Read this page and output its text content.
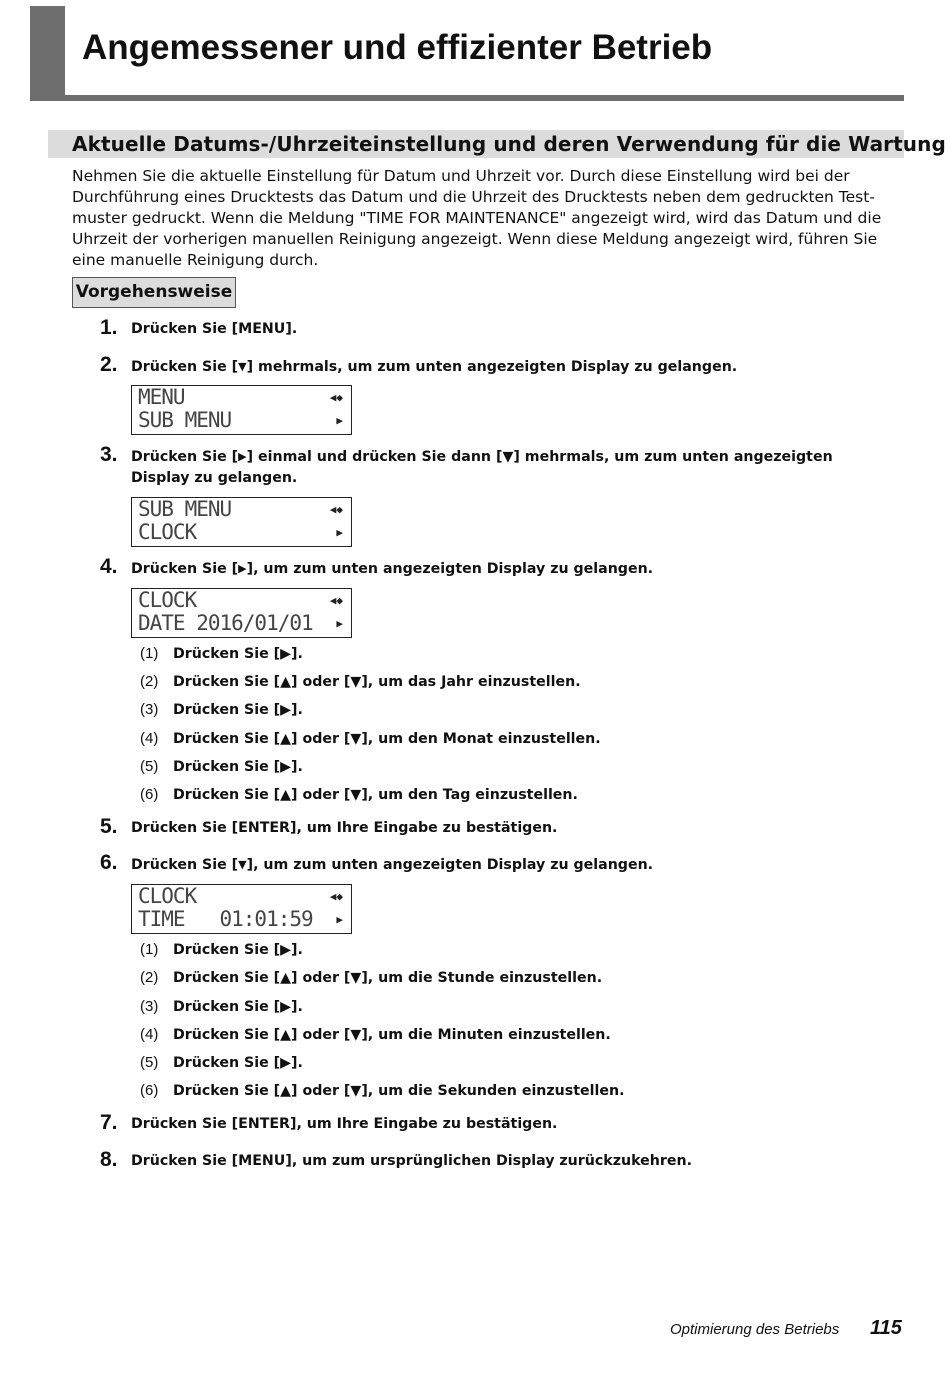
Angemessener und effizienter Betrieb
Aktuelle Datums-/Uhrzeiteinstellung und deren Verwendung für die Wartung
Nehmen Sie die aktuelle Einstellung für Datum und Uhrzeit vor. Durch diese Einstellung wird bei der
Durchführung eines Drucktests das Datum und die Uhrzeit des Drucktests neben dem gedruckten Test-
muster gedruckt. Wenn die Meldung "TIME FOR MAINTENANCE" angezeigt wird, wird das Datum und die
Uhrzeit der vorherigen manuellen Reinigung angezeigt. Wenn diese Meldung angezeigt wird, führen Sie
eine manuelle Reinigung durch.
Vorgehensweise
1. Drücken Sie [MENU].
2. Drücken Sie [▼] mehrmals, um zum unten angezeigten Display zu gelangen.
MENU
SUB MENU
◀◆
▶
3. Drücken Sie [▶] einmal und drücken Sie dann [▼] mehrmals, um zum unten angezeigten Display zu gelangen.
SUB MENU
CLOCK
◀◆
▶
4. Drücken Sie [▶], um zum unten angezeigten Display zu gelangen.
CLOCK
DATE 2016/01/01
◀◆
▶
(1) Drücken Sie [▶].
(2) Drücken Sie [▲] oder [▼], um das Jahr einzustellen.
(3) Drücken Sie [▶].
(4) Drücken Sie [▲] oder [▼], um den Monat einzustellen.
(5) Drücken Sie [▶].
(6) Drücken Sie [▲] oder [▼], um den Tag einzustellen.
5. Drücken Sie [ENTER], um Ihre Eingabe zu bestätigen.
6. Drücken Sie [▼], um zum unten angezeigten Display zu gelangen.
CLOCK
TIME   01:01:59
◀◆
▶
(1) Drücken Sie [▶].
(2) Drücken Sie [▲] oder [▼], um die Stunde einzustellen.
(3) Drücken Sie [▶].
(4) Drücken Sie [▲] oder [▼], um die Minuten einzustellen.
(5) Drücken Sie [▶].
(6) Drücken Sie [▲] oder [▼], um die Sekunden einzustellen.
7. Drücken Sie [ENTER], um Ihre Eingabe zu bestätigen.
8. Drücken Sie [MENU], um zum ursprünglichen Display zurückzukehren.
Optimierung des Betriebs 115
